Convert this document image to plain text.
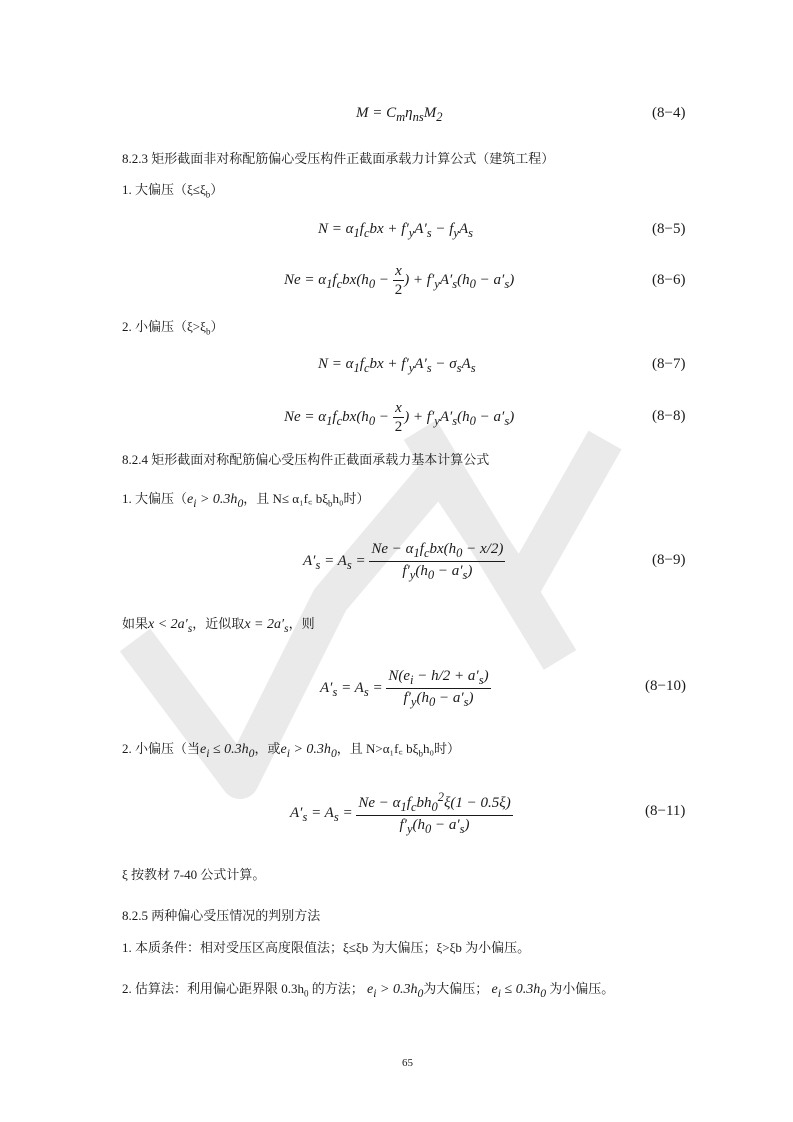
$M = C_m\eta_{ns}M_2$	(8−4)
8.2.3 矩形截面非对称配筋偏心受压构件正截面承载力计算公式（建筑工程）
1. 大偏压$(\xi\le\xi_b)$
$N = \alpha_1f_cbx + f'_yA'_s - f_yA_s$	(8−5)
$Ne = \alpha_1f_cbx(h_0 - \frac{x}{2}$ ) + $f'_yA'_s(h_0 - a'_s)$	(8−6)
2. 小偏压$(\xi>\xi_b)$
$N = \alpha_1f_cbx + f'_yA'_s - \sigma_sA_s$	(8−7)
$Ne = \alpha_1f_cbx(h_0 - \frac{x}{2}$ ) + $f'_yA'_s(h_0 - a'_s)$	(8−8)
8.2.4 矩形截面对称配筋偏心受压构件正截面承载力基本计算公式
1. 大偏压（$e_i > 0.3h_0$，且 N≤ α₁f꜀ $b\xi_bh_0$时）
$A'_s = A_s = \frac{Ne - \alpha_1f_cbx(h_0 - x/2)}{f'_y(h_0 - a'_s)}$	(8−9)
如果$x < 2a'_s$，近似取$x = 2a'_s$，则
$A'_s = A_s = \frac{N(e_i - h/2 + a'_s)}{f'_y(h_0 - a'_s)}$	(8−10)
2. 小偏压（当$e_i \le 0.3h_0$，或$e_i > 0.3h_0$，且 N>α₁f꜀ $b\xi_bh_0$时）
$A'_s = A_s = \frac{Ne - \alpha_1f_cbh_0^2\xi(1 - 0.5\xi)}{f'_y(h_0 - a'_s)}$	(8−11)
ξ 按教材 7-40 公式计算。
8.2.5 两种偏心受压情况的判别方法
1. 本质条件：相对受压区高度限值法；ξ≤ξb 为大偏压；ξ>ξb 为小偏压。
2. 估算法：利用偏心距界限 $0.3h_0$ 的方法； $e_i > 0.3h_0$为大偏压； $e_i \le 0.3h_0$ 为小偏压。
65
